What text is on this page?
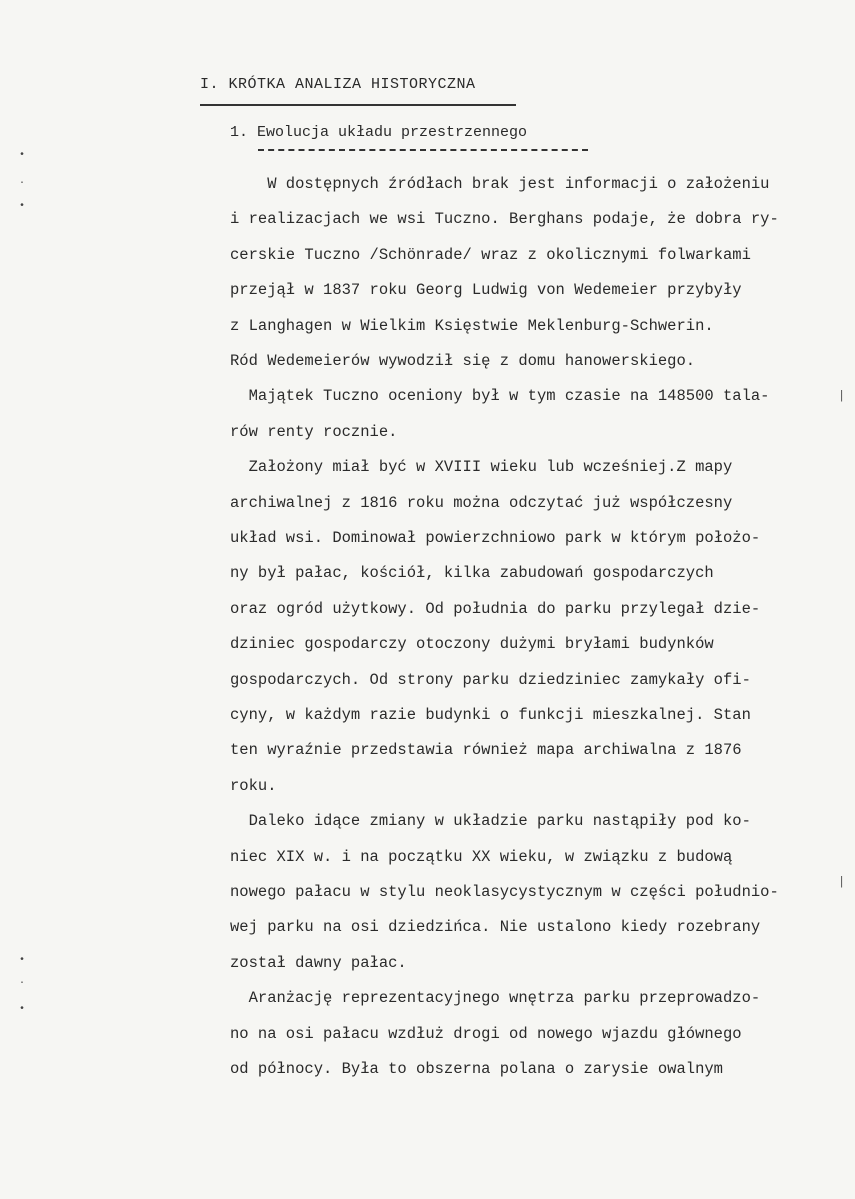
I. KRÓTKA ANALIZA HISTORYCZNA
1. Ewolucja układu przestrzennego
W dostępnych źródłach brak jest informacji o założeniu
i realizacjach we wsi Tuczno. Berghans podaje, że dobra ry-
cerskie Tuczno /Schönrade/ wraz z okolicznymi folwarkami
przejął w 1837 roku Georg Ludwig von Wedemeier przybyły
z Langhagen w Wielkim Księstwie Meklenburg-Schwerin.
Ród Wedemeierów wywodził się z domu hanowerskiego.
Majątek Tuczno oceniony był w tym czasie na 148500 tala-
rów renty rocznie.
Założony miał być w XVIII wieku lub wcześniej.Z mapy
archiwalnej z 1816 roku można odczytać już współczesny
układ wsi. Dominował powierzchniowo park w którym położo-
ny był pałac, kościół, kilka zabudowań gospodarczych
oraz ogród użytkowy. Od południa do parku przylegał dzie-
dziniec gospodarczy otoczony dużymi bryłami budynków
gospodarczych. Od strony parku dziedziniec zamykały ofi-
cyny, w każdym razie budynki o funkcji mieszkalnej. Stan
ten wyraźnie przedstawia również mapa archiwalna z 1876
roku.
Daleko idące zmiany w układzie parku nastąpiły pod ko-
niec XIX w. i na początku XX wieku, w związku z budową
nowego pałacu w stylu neoklasycystycznym w części południo-
wej parku na osi dziedzińca. Nie ustalono kiedy rozebrany
został dawny pałac.
Aranżację reprezentacyjnego wnętrza parku przeprowadzo-
no na osi pałacu wzdłuż drogi od nowego wjazdu głównego
od północy. Była to obszerna polana o zarysie owalnym
•
·
•
•
·
•
|
|
